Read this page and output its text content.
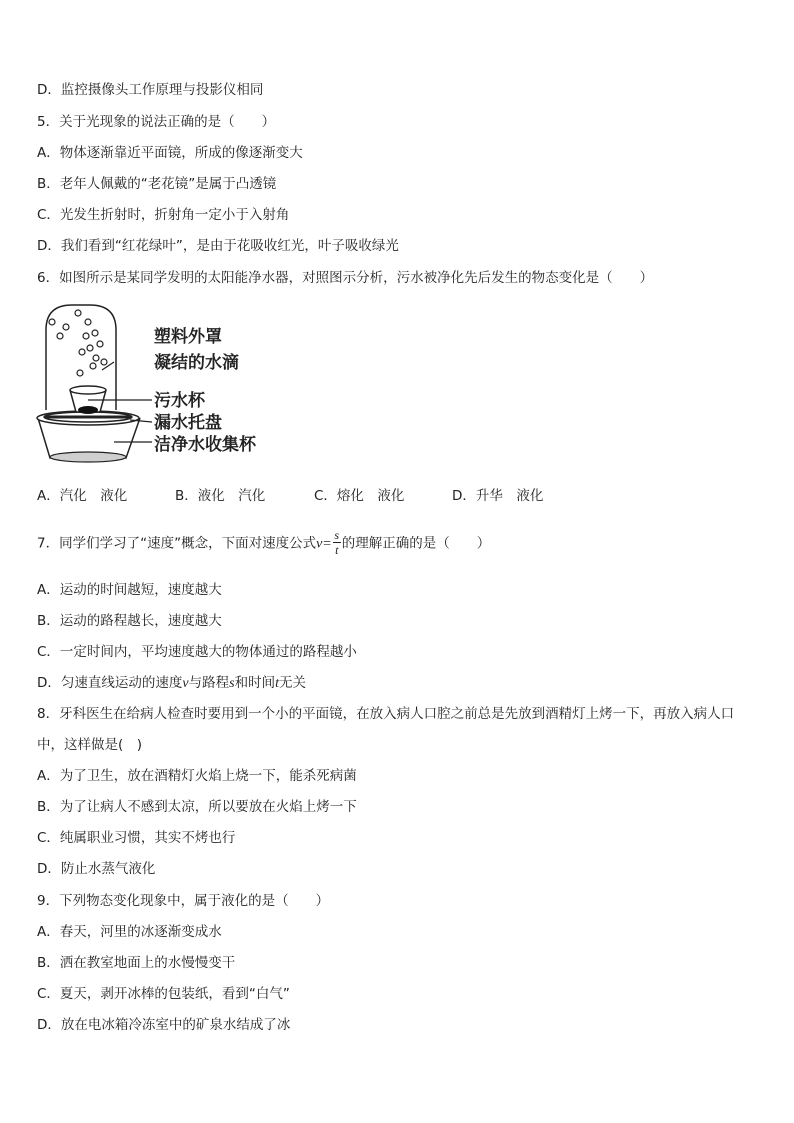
D．监控摄像头工作原理与投影仪相同
5．关于光现象的说法正确的是（　　）
A．物体逐渐靠近平面镜，所成的像逐渐变大
B．老年人佩戴的“老花镜”是属于凸透镜
C．光发生折射时，折射角一定小于入射角
D．我们看到“红花绿叶”，是由于花吸收红光，叶子吸收绿光
6．如图所示是某同学发明的太阳能净水器，对照图示分析，污水被净化先后发生的物态变化是（　　）
塑料外罩
凝结的水滴
污水杯
漏水托盘
洁净水收集杯
A．汽化　液化	B．液化　汽化	C．熔化　液化	D．升华　液化
7．同学们学习了“速度”概念，下面对速度公式$v= \frac{s}{t}$ 的理解正确的是（　　）
A．运动的时间越短，速度越大
B．运动的路程越长，速度越大
C．一定时间内，平均速度越大的物体通过的路程越小
D．匀速直线运动的速度v与路程s和时间t无关
8．牙科医生在给病人检查时要用到一个小的平面镜，在放入病人口腔之前总是先放到酒精灯上烤一下，再放入病人口
中，这样做是(　)
A．为了卫生，放在酒精灯火焰上烧一下，能杀死病菌
B．为了让病人不感到太凉，所以要放在火焰上烤一下
C．纯属职业习惯，其实不烤也行
D．防止水蒸气液化
9．下列物态变化现象中，属于液化的是（　　）
A．春天，河里的冰逐渐变成水
B．洒在教室地面上的水慢慢变干
C．夏天，剥开冰棒的包装纸，看到“白气”
D．放在电冰箱冷冻室中的矿泉水结成了冰
